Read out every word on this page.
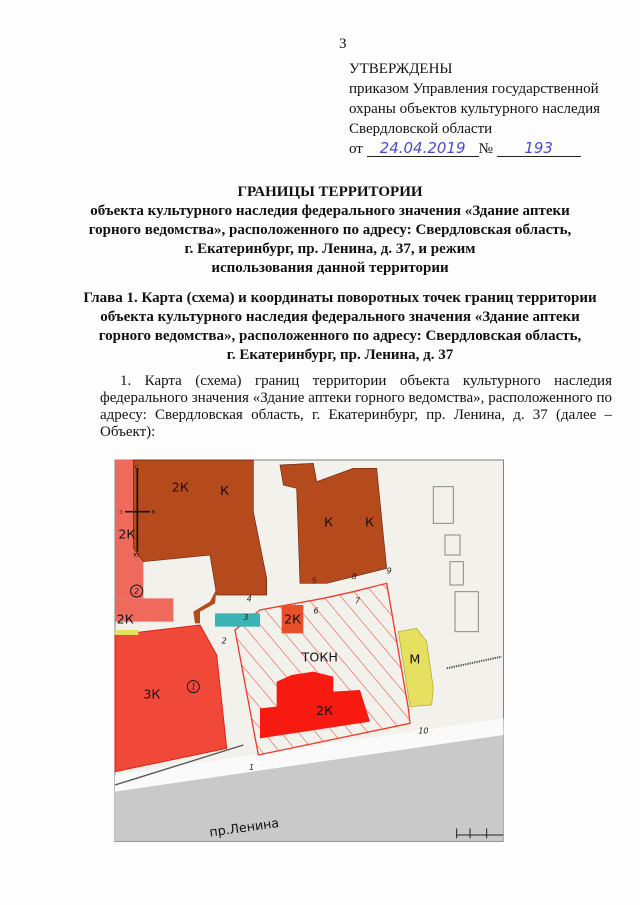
3
УТВЕРЖДЕНЫ
приказом Управления государственной
охраны объектов культурного наследия
Свердловской области
от 24.04.2019 № 193
ГРАНИЦЫ ТЕРРИТОРИИ
объекта культурного наследия федерального значения «Здание аптеки
горного ведомства», расположенного по адресу: Свердловская область,
г. Екатеринбург, пр. Ленина, д. 37, и режим
использования данной территории
Глава 1. Карта (схема) и координаты поворотных точек границ территории
объекта культурного наследия федерального значения «Здание аптеки
горного ведомства», расположенного по адресу: Свердловская область,
г. Екатеринбург, пр. Ленина, д. 37
1. Карта (схема) границ территории объекта культурного наследия федерального значения «Здание аптеки горного ведомства», расположенного по адресу: Свердловская область, г. Екатеринбург, пр. Ленина, д. 37 (далее – Объект):
С
Ю
З В
2К К
2К
К К
2К	2К
3К
ТОКН
2К
М
пр.Ленина
1
2
1
2
3
4
5
6
7
8
9
10
